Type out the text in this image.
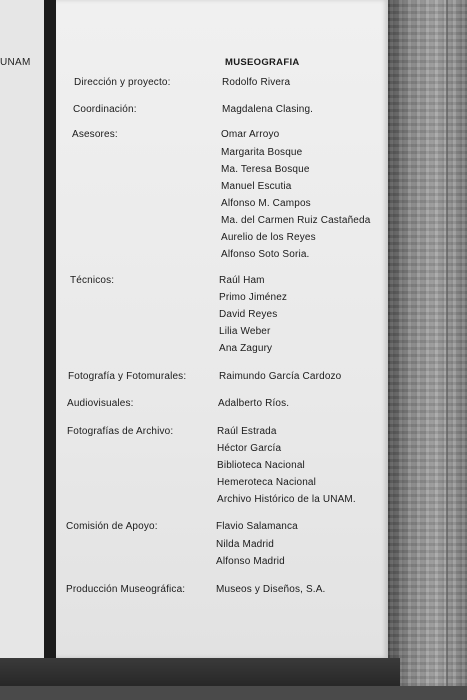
UNAM	MUSEOGRAFIA
Dirección y proyecto:	Rodolfo Rivera
Coordinación:	Magdalena Clasing.
Asesores:	Omar Arroyo
Margarita Bosque
Ma. Teresa Bosque
Manuel Escutia
Alfonso M. Campos
Ma. del Carmen Ruiz Castañeda
Aurelio de los Reyes
Alfonso Soto Soria.
Técnicos:	Raúl Ham
Primo Jiménez
David Reyes
Lilia Weber
Ana Zagury
Fotografía y Fotomurales:	Raimundo García Cardozo
Audiovisuales:	Adalberto Ríos.
Fotografías de Archivo:	Raúl Estrada
Héctor García
Biblioteca Nacional
Hemeroteca Nacional
Archivo Histórico de la UNAM.
Comisión de Apoyo:	Flavio Salamanca
Nilda Madrid
Alfonso Madrid
Producción Museográfica:	Museos y Diseños, S.A.
